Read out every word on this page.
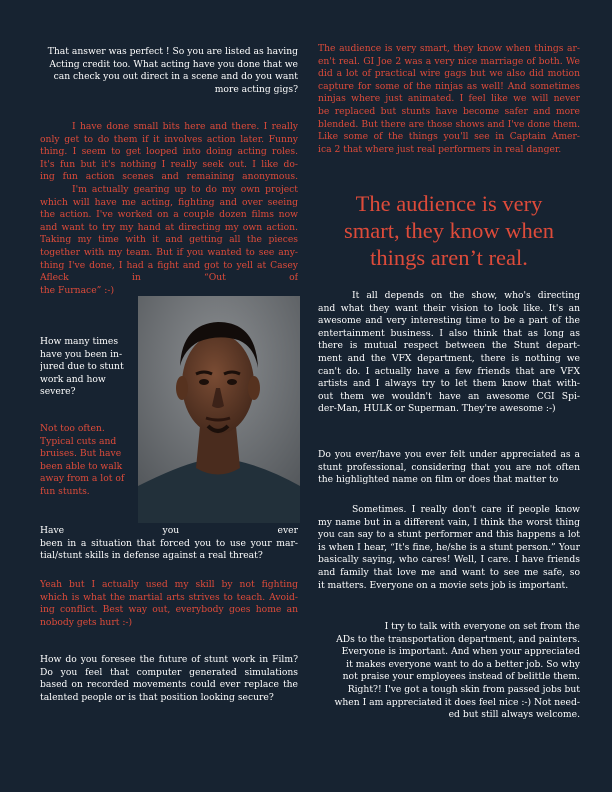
The audience is very
smart, they know when
things aren’t real.
That answer was perfect ! So you are listed as having
Acting credit too. What acting have you done that we
can check you out direct in a scene and do you want
more acting gigs?
I have done small bits here and there. I really
only get to do them if it involves action later. Funny
thing. I seem to get looped into doing acting roles.
It's fun but it's nothing I really seek out. I like do-
ing fun action scenes and remaining anonymous.
I'm actually gearing up to do my own project
which will have me acting, fighting and over seeing
the action. I've worked on a couple dozen films now
and want to try my hand at directing my own action.
Taking my time with it and getting all the pieces
together with my team. But if you wanted to see any-
thing I've done, I had a fight and got to yell at Casey
Afleck in “Out of
the Furnace” :-)
How many times
have you been in-
jured due to stunt
work and how
severe?
Not too often.
Typical cuts and
bruises. But have
been able to walk
away from a lot of
fun stunts.
Have you ever
been in a situation that forced you to use your mar-
tial/stunt skills in defense against a real threat?
Yeah but I actually used my skill by not fighting
which is what the martial arts strives to teach. Avoid-
ing conflict. Best way out, everybody goes home an
nobody gets hurt :-)
How do you foresee the future of stunt work in Film?
Do you feel that computer generated simulations
based on recorded movements could ever replace the
talented people or is that position looking secure?
The audience is very smart, they know when things ar-
en't real. GI Joe 2 was a very nice marriage of both. We
did a lot of practical wire gags but we also did motion
capture for some of the ninjas as well! And sometimes
ninjas where just animated. I feel like we will never
be replaced but stunts have become safer and more
blended. But there are those shows and I've done them.
Like some of the things you'll see in Captain Amer-
ica 2 that where just real performers in real danger.
It all depends on the show, who's directing
and what they want their vision to look like. It's an
awesome and very interesting time to be a part of the
entertainment business. I also think that as long as
there is mutual respect between the Stunt depart-
ment and the VFX department, there is nothing we
can't do. I actually have a few friends that are VFX
artists and I always try to let them know that with-
out them we wouldn't have an awesome CGI Spi-
der-Man, HULK or Superman. They're awesome :-)
Do you ever/have you ever felt under appreciated as a
stunt professional, considering that you are not often
the highlighted name on film or does that matter to
Sometimes. I really don't care if people know
my name but in a different vain, I think the worst thing
you can say to a stunt performer and this happens a lot
is when I hear, “It's fine, he/she is a stunt person.” Your
basically saying, who cares! Well, I care. I have friends
and family that love me and want to see me safe, so
it matters. Everyone on a movie sets job is important.
I try to talk with everyone on set from the
ADs to the transportation department, and painters.
Everyone is important. And when your appreciated
it makes everyone want to do a better job. So why
not praise your employees instead of belittle them.
Right?! I've got a tough skin from passed jobs but
when I am appreciated it does feel nice :-) Not need-
ed but still always welcome.
